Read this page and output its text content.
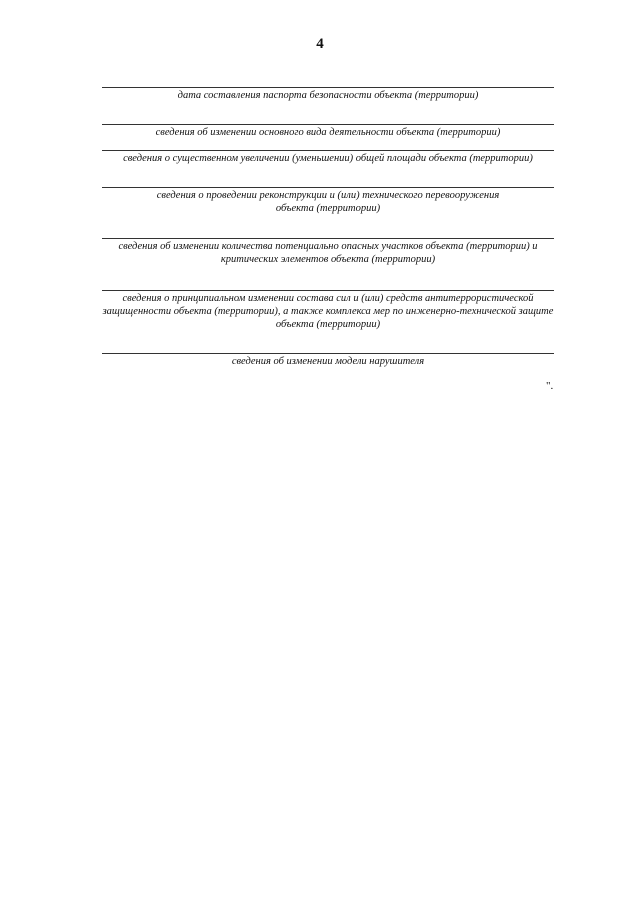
4
дата составления паспорта безопасности объекта (территории)
сведения об изменении основного вида деятельности объекта (территории)
сведения о существенном увеличении (уменьшении) общей площади объекта (территории)
сведения о проведении реконструкции и (или) технического перевооружения объекта (территории)
сведения об изменении количества потенциально опасных участков объекта (территории) и критических элементов объекта (территории)
сведения о принципиальном изменении состава сил и (или) средств антитеррористической защищенности объекта (территории), а также комплекса мер по инженерно-технической защите объекта (территории)
сведения об изменении модели нарушителя
".
